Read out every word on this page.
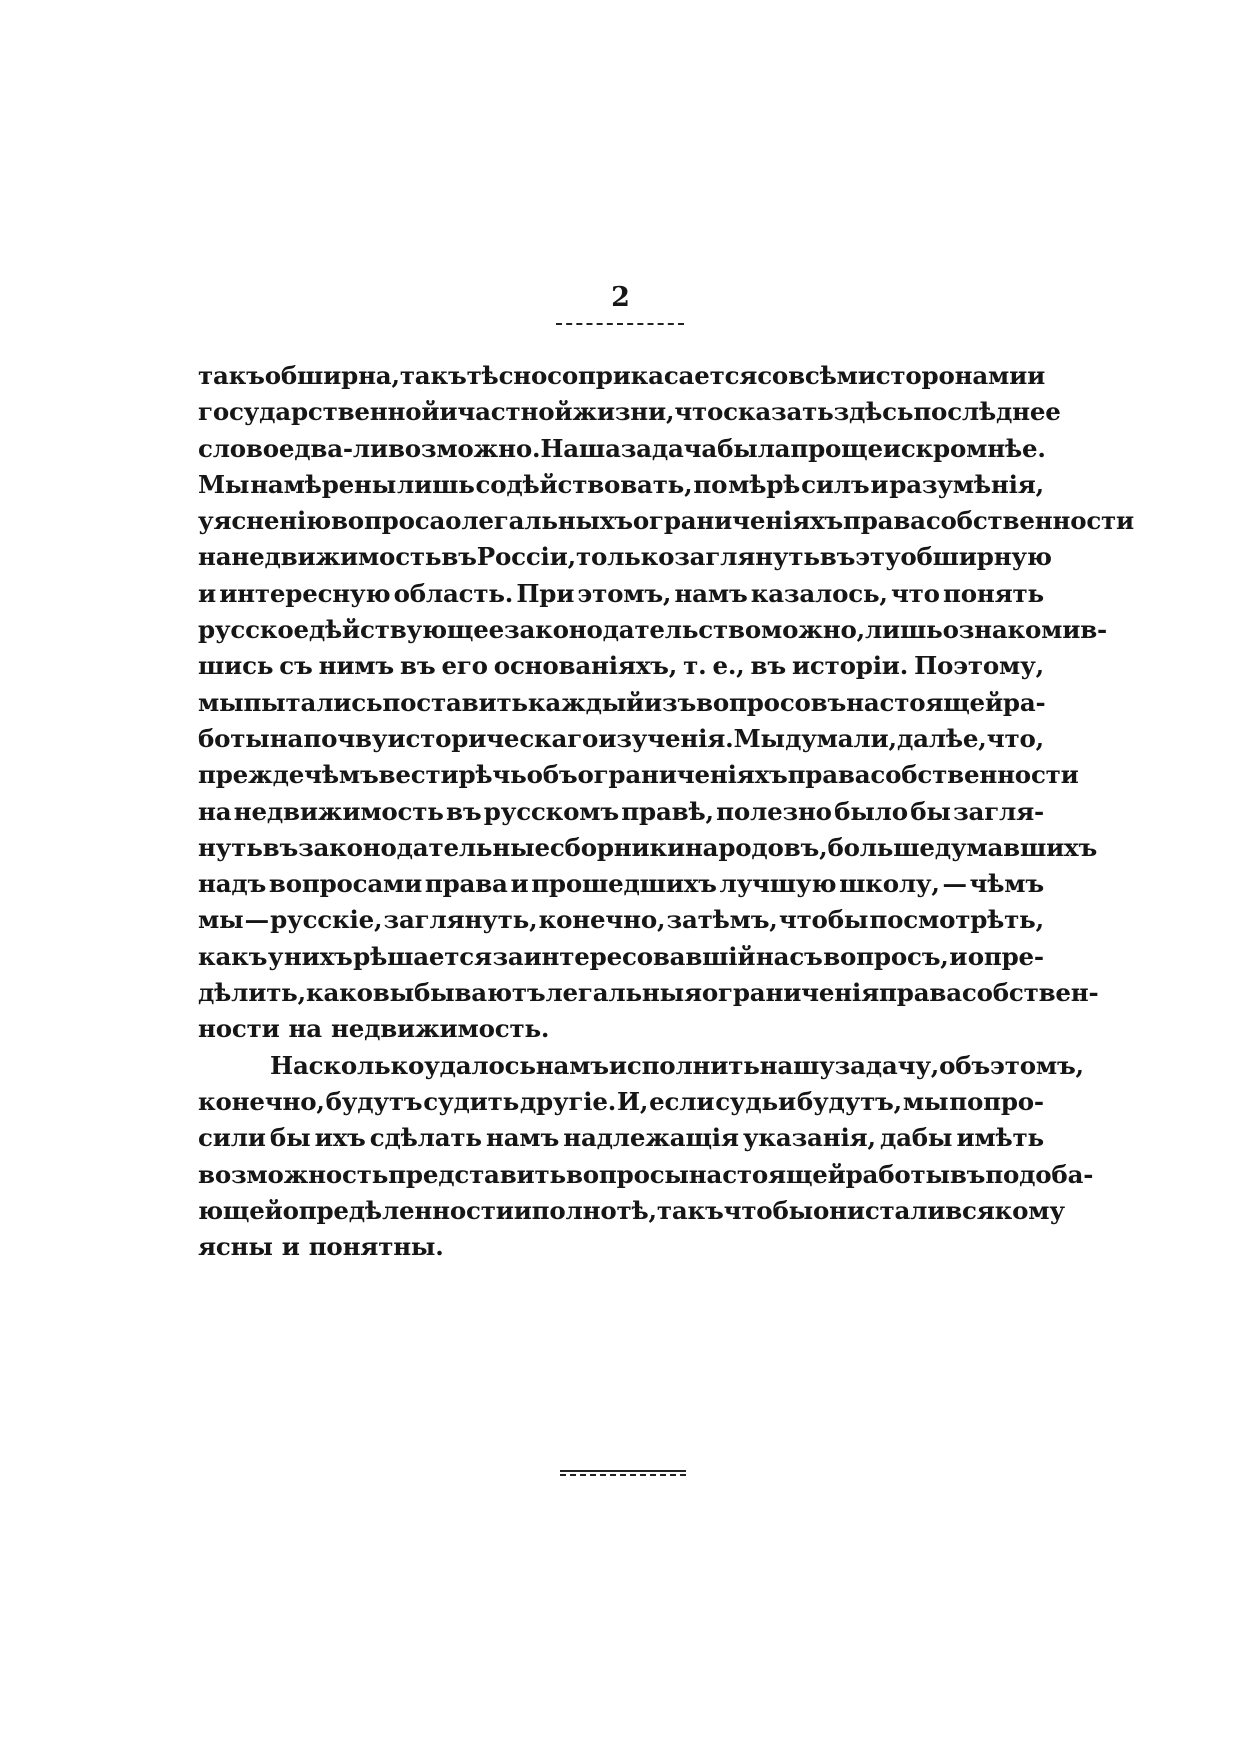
2
такъ обширна, такъ тѣсно соприкасается со всѣми сторонами и
государственной и частной жизни, что сказать здѣсь послѣднее
слово едва-ли возможно. Наша задача была проще и скромнѣе.
Мы намѣрены лишь содѣйствовать, по мѣрѣ силъ и разумѣнія,
уясненію вопроса о легальныхъ ограниченіяхъ права собственности
на недвижимость въ Россіи, только заглянуть въ эту обширную
и интересную область. При этомъ, намъ казалось, что понять
русское дѣйствующее законодательство можно, лишь ознакомив-
шись съ нимъ въ его основаніяхъ, т. е., въ исторіи. Поэтому,
мы пытались поставить каждый изъ вопросовъ настоящей ра-
боты на почву историческаго изученія. Мы думали, далѣе, что,
прежде чѣмъ вести рѣчь объ ограниченіяхъ права собственности
на недвижимость въ русскомъ правѣ, полезно было бы загля-
нуть въ законодательные сборники народовъ, больше думавшихъ
надъ вопросами права и прошедшихъ лучшую школу, — чѣмъ
мы — русскіе, заглянуть, конечно, затѣмъ, чтобы посмотрѣть,
какъ у нихъ рѣшается заинтересовавшій насъ вопросъ, и опре-
дѣлить, каковы бываютъ легальныя ограниченія права собствен-
ности на недвижимость.
Насколько удалось намъ исполнить нашу задачу, объ этомъ,
конечно, будутъ судить другіе. И, если судьи будутъ, мы попро-
сили бы ихъ сдѣлать намъ надлежащія указанія, дабы имѣть
возможность представить вопросы настоящей работы въ подоба-
ющей опредѣленности и полнотѣ, такъ чтобы они стали всякому
ясны и понятны.
